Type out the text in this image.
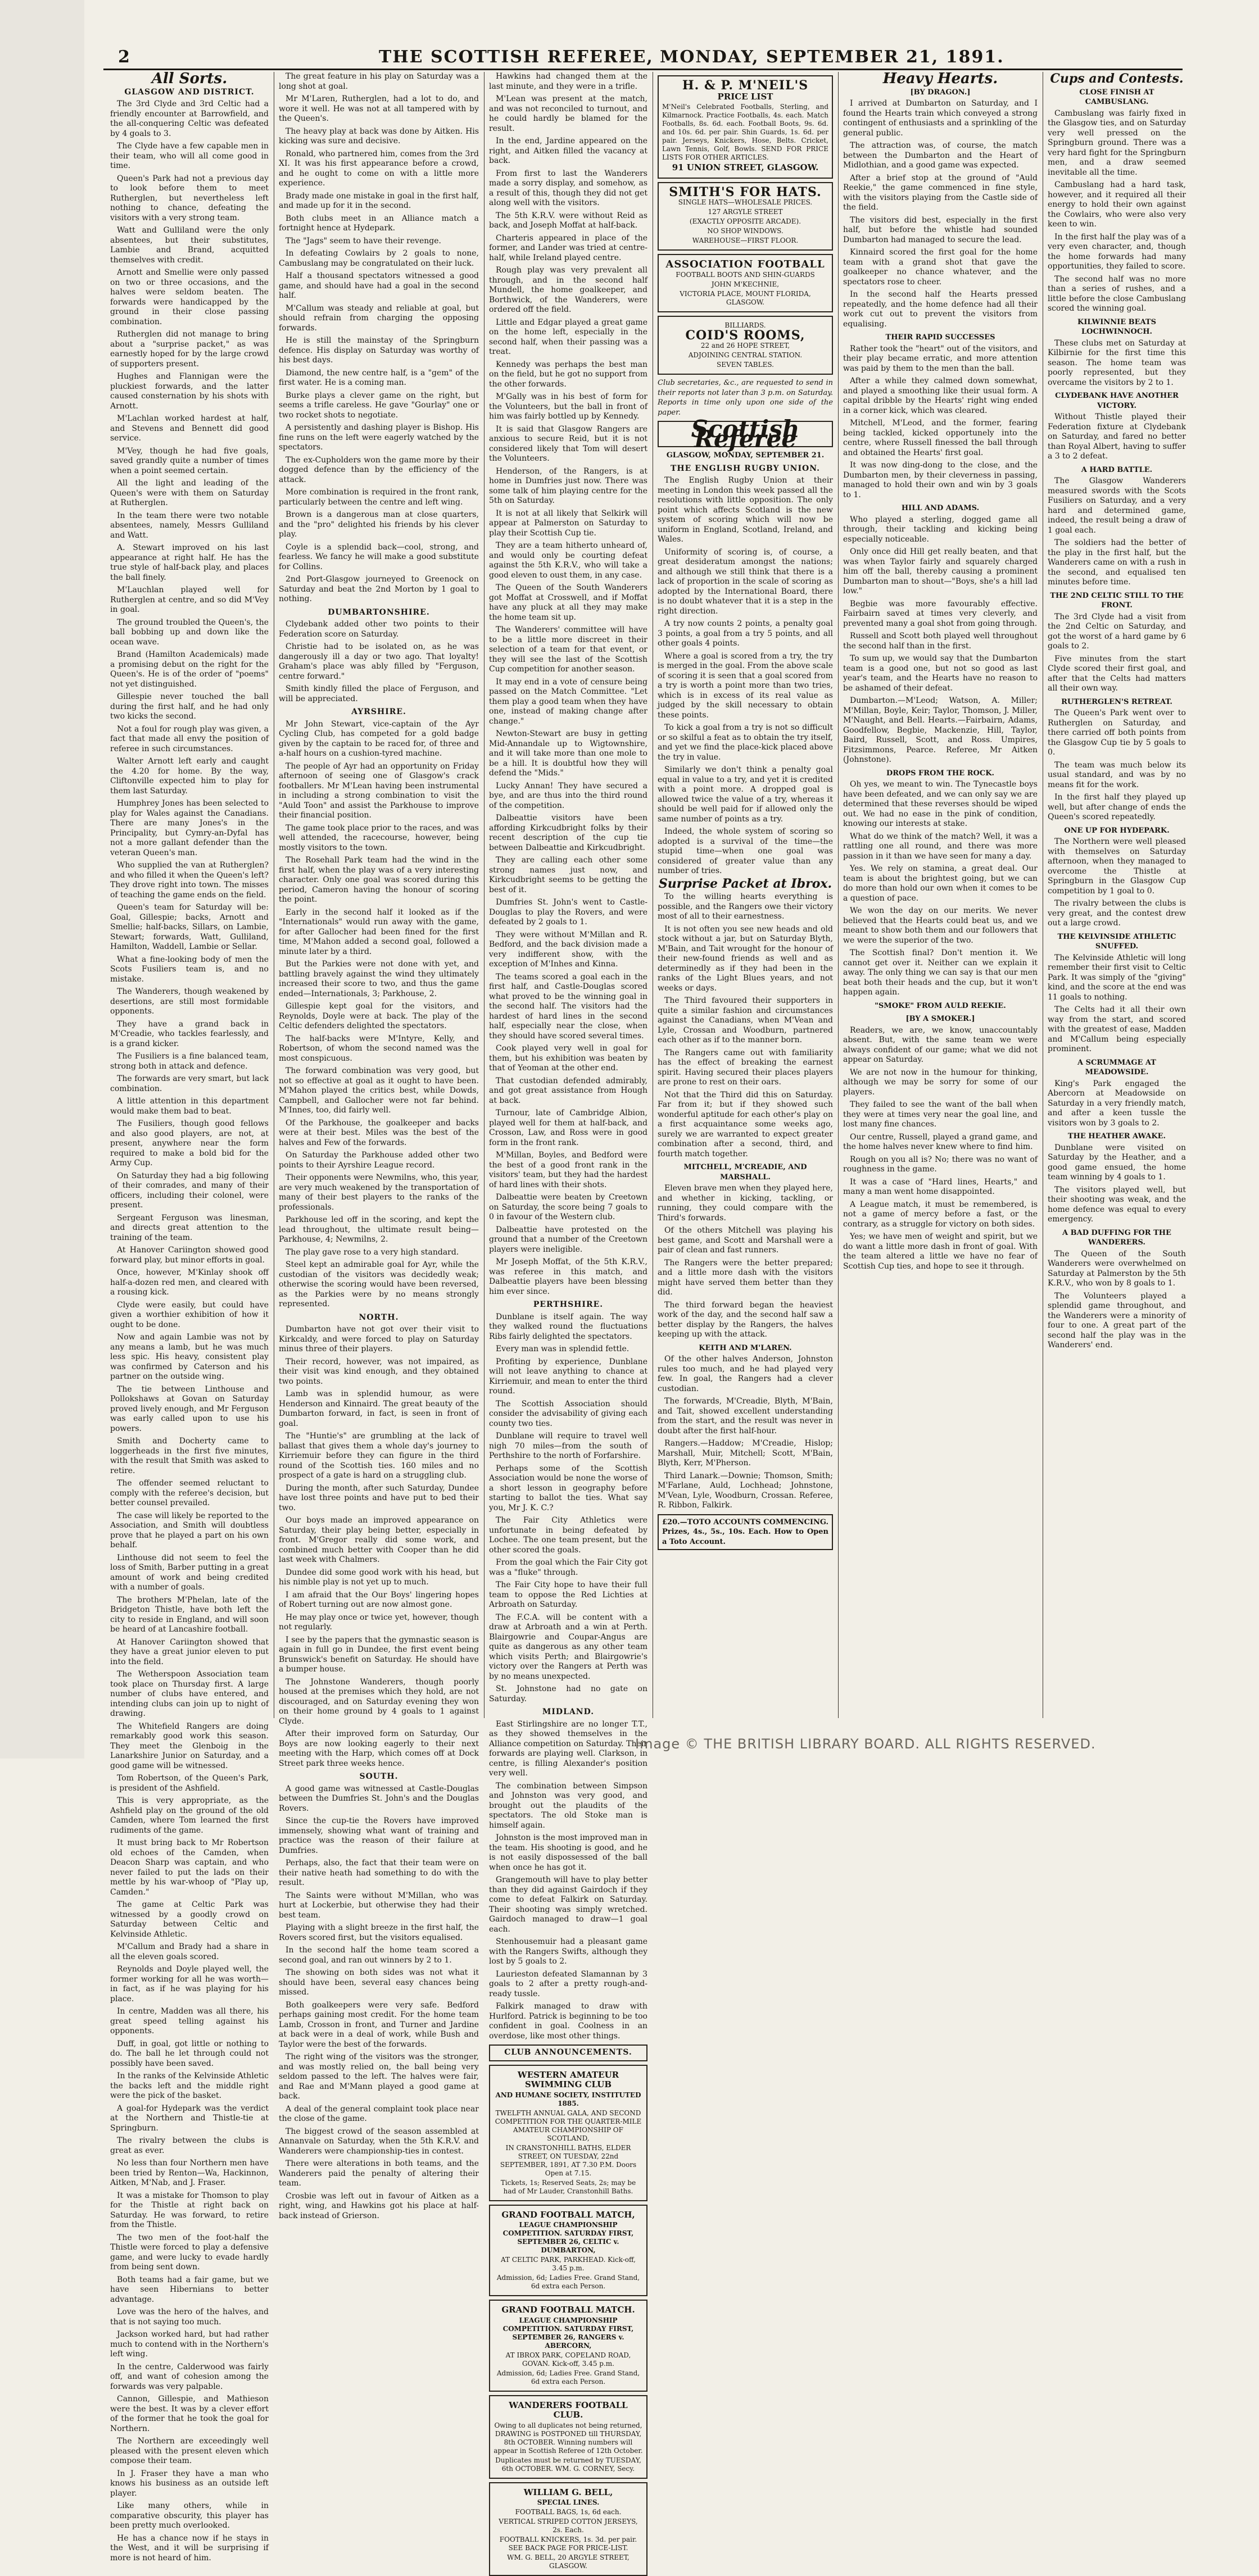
2	THE SCOTTISH REFEREE, MONDAY, SEPTEMBER 21, 1891.
All Sorts.
GLASGOW AND DISTRICT.

The 3rd Clyde and 3rd Celtic had a friendly encounter at Barrowfield, and the all-conquering Celtic was defeated by 4 goals to 3.

The Clyde have a few capable men in their team, who will all come good in time.

Queen's Park had not a previous day to look before them to meet Rutherglen, but nevertheless left nothing to chance, defeating the visitors with a very strong team.

Watt and Gulliland were the only absentees, but their substitutes, Lambie and Brand, acquitted themselves with credit.

Arnott and Smellie were only passed on two or three occasions, and the halves were seldom beaten. The forwards were handicapped by the ground in their close passing combination.

Rutherglen did not manage to bring about a "surprise packet," as was earnestly hoped for by the large crowd of supporters present.

Hughes and Flannigan were the pluckiest forwards, and the latter caused consternation by his shots with Arnott.

M'Lachlan worked hardest at half, and Stevens and Bennett did good service.

M'Vey, though he had five goals, saved grandly quite a number of times when a point seemed certain.

All the light and leading of the Queen's were with them on Saturday at Rutherglen.

In the team there were two notable absentees, namely, Messrs Gulliland and Watt.

A. Stewart improved on his last appearance at right half. He has the true style of half-back play, and places the ball finely.

M'Lauchlan played well for Rutherglen at centre, and so did M'Vey in goal.

The ground troubled the Queen's, the ball bobbing up and down like the ocean wave.

Brand (Hamilton Academicals) made a promising debut on the right for the Queen's. He is of the order of "poems" not yet distinguished.

Gillespie never touched the ball during the first half, and he had only two kicks the second.

Not a foul for rough play was given, a fact that made all envy the position of referee in such circumstances.

Walter Arnott left early and caught the 4.20 for home. By the way, Cliftonville expected him to play for them last Saturday.

Humphrey Jones has been selected to play for Wales against the Canadians. There are many Jones's in the Principality, but Cymry-an-Dyfal has not a more gallant defender than the veteran Queen's man.

Who supplied the van at Rutherglen? and who filled it when the Queen's left? They drove right into town. The misses of teaching the game ends on the field.

Queen's team for Saturday will be: Goal, Gillespie; backs, Arnott and Smellie; half-backs, Sillars, on Lambie, Stewart; forwards, Watt, Gulliland, Hamilton, Waddell, Lambie or Sellar.

What a fine-looking body of men the Scots Fusiliers team is, and no mistake.

The Wanderers, though weakened by desertions, are still most formidable opponents.

They have a grand back in M'Creadie, who tackles fearlessly, and is a grand kicker.

The Fusiliers is a fine balanced team, strong both in attack and defence.

The forwards are very smart, but lack combination.

A little attention in this department would make them bad to beat.

The Fusiliers, though good fellows and also good players, are not, at present, anywhere near the form required to make a bold bid for the Army Cup.

On Saturday they had a big following of their comrades, and many of their officers, including their colonel, were present.

Sergeant Ferguson was linesman, and directs great attention to the training of the team.

At Hanover Cariington showed good forward play, but minor efforts in goal.

Once, however, M'Kinlay shook off half-a-dozen red men, and cleared with a rousing kick.

Clyde were easily, but could have given a worthier exhibition of how it ought to be done.

Now and again Lambie was not by any means a lamb, but he was much less spic. His heavy, consistent play was confirmed by Caterson and his partner on the outside wing.

The tie between Linthouse and Pollokshaws at Govan on Saturday proved lively enough, and Mr Ferguson was early called upon to use his powers.

Smith and Docherty came to loggerheads in the first five minutes, with the result that Smith was asked to retire.

The offender seemed reluctant to comply with the referee's decision, but better counsel prevailed.

The case will likely be reported to the Association, and Smith will doubtless prove that he played a part on his own behalf.

Linthouse did not seem to feel the loss of Smith, Barber putting in a great amount of work and being credited with a number of goals.

The brothers M'Phelan, late of the Bridgeton Thistle, have both left the city to reside in England, and will soon be heard of at Lancashire football.

At Hanover Cariington showed that they have a great junior eleven to put into the field.

The Wetherspoon Association team took place on Thursday first. A large number of clubs have entered, and intending clubs can join up to night of drawing.

The Whitefield Rangers are doing remarkably good work this season. They meet the Glenboig in the Lanarkshire Junior on Saturday, and a good game will be witnessed.

Tom Robertson, of the Queen's Park, is president of the Ashfield.

This is very appropriate, as the Ashfield play on the ground of the old Camden, where Tom learned the first rudiments of the game.

It must bring back to Mr Robertson old echoes of the Camden, when Deacon Sharp was captain, and who never failed to put the lads on their mettle by his war-whoop of "Play up, Camden."

The game at Celtic Park was witnessed by a goodly crowd on Saturday between Celtic and Kelvinside Athletic.

M'Callum and Brady had a share in all the eleven goals scored.

Reynolds and Doyle played well, the former working for all he was worth—in fact, as if he was playing for his place.

In centre, Madden was all there, his great speed telling against his opponents.

Duff, in goal, got little or nothing to do. The ball he let through could not possibly have been saved.

In the ranks of the Kelvinside Athletic the backs left and the middle right were the pick of the basket.

A goal-for Hydepark was the verdict at the Northern and Thistle-tie at Springburn.

The rivalry between the clubs is great as ever.

No less than four Northern men have been tried by Renton—Wa, Hackinnon, Aitken, M'Nab, and J. Fraser.

It was a mistake for Thomson to play for the Thistle at right back on Saturday. He was forward, to retire from the Thistle.

The two men of the foot-half the Thistle were forced to play a defensive game, and were lucky to evade hardly from being sent down.

Both teams had a fair game, but we have seen Hibernians to better advantage.

Love was the hero of the halves, and that is not saying too much.

Jackson worked hard, but had rather much to contend with in the Northern's left wing.

In the centre, Calderwood was fairly off, and want of cohesion among the forwards was very palpable.

Cannon, Gillespie, and Mathieson were the best. It was by a clever effort of the former that he took the goal for Northern.

The Northern are exceedingly well pleased with the present eleven which compose their team.

In J. Fraser they have a man who knows his business as an outside left player.

Like many others, while in comparative obscurity, this player has been pretty much overlooked.

He has a chance now if he stays in the West, and it will be surprising if more is not heard of him.

The great feature in his play on Saturday was a long shot at goal.

Mr M'Laren, Rutherglen, had a lot to do, and wore it well. He was not at all tampered with by the Queen's.

The heavy play at back was done by Aitken. His kicking was sure and decisive.

Ronald, who partnered him, comes from the 3rd XI. It was his first appearance before a crowd, and he ought to come on with a little more experience.

Brady made one mistake in goal in the first half, and made up for it in the second.

Both clubs meet in an Alliance match a fortnight hence at Hydepark.

The "Jags" seem to have their revenge.

In defeating Cowlairs by 2 goals to none, Cambuslang may be congratulated on their luck.

Half a thousand spectators witnessed a good game, and should have had a goal in the second half.

M'Callum was steady and reliable at goal, but should refrain from charging the opposing forwards.

He is still the mainstay of the Springburn defence. His display on Saturday was worthy of his best days.

Diamond, the new centre half, is a "gem" of the first water. He is a coming man.

Burke plays a clever game on the right, but seems a trifle careless. He gave "Gourlay" one or two rocket shots to negotiate.

A persistently and dashing player is Bishop. His fine runs on the left were eagerly watched by the spectators.

The ex-Cupholders won the game more by their dogged defence than by the efficiency of the attack.

More combination is required in the front rank, particularly between the centre and left wing.

Brown is a dangerous man at close quarters, and the "pro" delighted his friends by his clever play.

Coyle is a splendid back—cool, strong, and fearless. We fancy he will make a good substitute for Collins.

2nd Port-Glasgow journeyed to Greenock on Saturday and beat the 2nd Morton by 1 goal to nothing.

DUMBARTONSHIRE.

Clydebank added other two points to their Federation score on Saturday.

Christie had to be isolated on, as he was dangerously ill a day or two ago. That loyalty! Graham's place was ably filled by "Ferguson, centre forward."

Smith kindly filled the place of Ferguson, and will be appreciated.

AYRSHIRE.

Mr John Stewart, vice-captain of the Ayr Cycling Club, has competed for a gold badge given by the captain to be raced for, of three and a-half hours on a cushion-tyred machine.

The people of Ayr had an opportunity on Friday afternoon of seeing one of Glasgow's crack footballers. Mr M'Lean having been instrumental in including a strong combination to visit the "Auld Toon" and assist the Parkhouse to improve their financial position.

The game took place prior to the races, and was well attended, the racecourse, however, being mostly visitors to the town.

The Rosehall Park team had the wind in the first half, when the play was of a very interesting character. Only one goal was scored during this period, Cameron having the honour of scoring the point.

Early in the second half it looked as if the "Internationals" would run away with the game, for after Gallocher had been fined for the first time, M'Mahon added a second goal, followed a minute later by a third.

But the Parkies were not done with yet, and battling bravely against the wind they ultimately increased their score to two, and thus the game ended—Internationals, 3; Parkhouse, 2.

Gillespie kept goal for the visitors, and Reynolds, Doyle were at back. The play of the Celtic defenders delighted the spectators.

The half-backs were M'Intyre, Kelly, and Robertson, of whom the second named was the most conspicuous.

The forward combination was very good, but not so effective at goal as it ought to have been. M'Mahon played the critics best, while Dowds, Campbell, and Gallocher were not far behind. M'Innes, too, did fairly well.

Of the Parkhouse, the goalkeeper and backs were at their best. Miles was the best of the halves and Few of the forwards.

On Saturday the Parkhouse added other two points to their Ayrshire League record.

Their opponents were Newmilns, who, this year, are very much weakened by the transportation of many of their best players to the ranks of the professionals.

Parkhouse led off in the scoring, and kept the lead throughout, the ultimate result being—Parkhouse, 4; Newmilns, 2.

The play gave rose to a very high standard.

Steel kept an admirable goal for Ayr, while the custodian of the visitors was decidedly weak; otherwise the scoring would have been reversed, as the Parkies were by no means strongly represented.

NORTH.

Dumbarton have not got over their visit to Kirkcaldy, and were forced to play on Saturday minus three of their players.

Their record, however, was not impaired, as their visit was kind enough, and they obtained two points.

Lamb was in splendid humour, as were Henderson and Kinnaird. The great beauty of the Dumbarton forward, in fact, is seen in front of goal.

The "Huntie's" are grumbling at the lack of ballast that gives them a whole day's journey to Kirriemuir before they can figure in the third round of the Scottish ties. 160 miles and no prospect of a gate is hard on a struggling club.

During the month, after such Saturday, Dundee have lost three points and have put to bed their two.

Our boys made an improved appearance on Saturday, their play being better, especially in front. M'Gregor really did some work, and combined much better with Cooper than he did last week with Chalmers.

Dundee did some good work with his head, but his nimble play is not yet up to much.

I am afraid that the Our Boys' lingering hopes of Robert turning out are now almost gone.

He may play once or twice yet, however, though not regularly.

I see by the papers that the gymnastic season is again in full go in Dundee, the first event being Brunswick's benefit on Saturday. He should have a bumper house.

The Johnstone Wanderers, though poorly housed at the premises which they hold, are not discouraged, and on Saturday evening they won on their home ground by 4 goals to 1 against Clyde.

After their improved form on Saturday, Our Boys are now looking eagerly to their next meeting with the Harp, which comes off at Dock Street park three weeks hence.

SOUTH.

A good game was witnessed at Castle-Douglas between the Dumfries St. John's and the Douglas Rovers.

Since the cup-tie the Rovers have improved immensely, showing what want of training and practice was the reason of their failure at Dumfries.

Perhaps, also, the fact that their team were on their native heath had something to do with the result.

The Saints were without M'Millan, who was hurt at Lockerbie, but otherwise they had their best team.

Playing with a slight breeze in the first half, the Rovers scored first, but the visitors equalised.

In the second half the home team scored a second goal, and ran out winners by 2 to 1.

The showing on both sides was not what it should have been, several easy chances being missed.

Both goalkeepers were very safe. Bedford perhaps gaining most credit. For the home team Lamb, Crosson in front, and Turner and Jardine at back were in a deal of work, while Bush and Taylor were the best of the forwards.

The right wing of the visitors was the stronger, and was mostly relied on, the ball being very seldom passed to the left. The halves were fair, and Rae and M'Mann played a good game at back.

A deal of the general complaint took place near the close of the game.

The biggest crowd of the season assembled at Annanvale on Saturday, when the 5th K.R.V. and Wanderers were championship-ties in contest.

There were alterations in both teams, and the Wanderers paid the penalty of altering their team.

Crosbie was left out in favour of Aitken as a right, wing, and Hawkins got his place at half-back instead of Grierson.

Hawkins had changed them at the last minute, and they were in a trifle.

M'Lean was present at the match, and was not reconciled to turnout, and he could hardly be blamed for the result.

In the end, Jardine appeared on the right, and Aitken filled the vacancy at back.

From first to last the Wanderers made a sorry display, and somehow, as a result of this, though they did not get along well with the visitors.

The 5th K.R.V. were without Reid as back, and Joseph Moffat at half-back.

Charteris appeared in place of the former, and Lander was tried at centre-half, while Ireland played centre.

Rough play was very prevalent all through, and in the second half Mundell, the home goalkeeper, and Borthwick, of the Wanderers, were ordered off the field.

Little and Edgar played a great game on the home left, especially in the second half, when their passing was a treat.

Kennedy was perhaps the best man on the field, but he got no support from the other forwards.

M'Gally was in his best of form for the Volunteers, but the ball in front of him was fairly bottled up by Kennedy.

It is said that Glasgow Rangers are anxious to secure Reid, but it is not considered likely that Tom will desert the Volunteers.

Henderson, of the Rangers, is at home in Dumfries just now. There was some talk of him playing centre for the 5th on Saturday.

It is not at all likely that Selkirk will appear at Palmerston on Saturday to play their Scottish Cup tie.

They are a team hitherto unheard of, and would only be courting defeat against the 5th K.R.V., who will take a good eleven to oust them, in any case.

The Queen of the South Wanderers got Moffat at Crosswell, and if Moffat have any pluck at all they may make the home team sit up.

The Wanderers' committee will have to be a little more discreet in their selection of a team for that event, or they will see the last of the Scottish Cup competition for another season.

It may end in a vote of censure being passed on the Match Committee. "Let them play a good team when they have one, instead of making change after change."

Newton-Stewart are busy in getting Mid-Annandale up to Wigtownshire, and it will take more than one mole to be a hill. It is doubtful how they will defend the "Mids."

Lucky Annan! They have secured a bye, and are thus into the third round of the competition.

Dalbeattie visitors have been affording Kirkcudbright folks by their recent description of the cup tie between Dalbeattie and Kirkcudbright.

They are calling each other some strong names just now, and Kirkcudbright seems to be getting the best of it.

Dumfries St. John's went to Castle-Douglas to play the Rovers, and were defeated by 2 goals to 1.

They were without M'Millan and R. Bedford, and the back division made a very indifferent show, with the exception of M'Inhes and Kinna.

The teams scored a goal each in the first half, and Castle-Douglas scored what proved to be the winning goal in the second half. The visitors had the hardest of hard lines in the second half, especially near the close, when they should have scored several times.

Cook played very well in goal for them, but his exhibition was beaten by that of Yeoman at the other end.

That custodian defended admirably, and got great assistance from Hough at back.

Turnour, late of Cambridge Albion, played well for them at half-back, and Crosson, Law, and Ross were in good form in the front rank.

M'Millan, Boyles, and Bedford were the best of a good front rank in the visitors' team, but they had the hardest of hard lines with their shots.

Dalbeattie were beaten by Creetown on Saturday, the score being 7 goals to 0 in favour of the Western club.

Dalbeattie have protested on the ground that a number of the Creetown players were ineligible.

Mr Joseph Moffat, of the 5th K.R.V., was referee in this match, and Dalbeattie players have been blessing him ever since.

PERTHSHIRE.

Dunblane is itself again. The way they walked round the fluctuations Ribs fairly delighted the spectators.

Every man was in splendid fettle.

Profiting by experience, Dunblane will not leave anything to chance at Kirriemuir, and mean to enter the third round.

The Scottish Association should consider the advisability of giving each county two ties.

Dunblane will require to travel well nigh 70 miles—from the south of Perthshire to the north of Forfarshire.

Perhaps some of the Scottish Association would be none the worse of a short lesson in geography before starting to ballot the ties. What say you, Mr J. K. C.?

The Fair City Athletics were unfortunate in being defeated by Lochee. The one team present, but the other scored the goals.

From the goal which the Fair City got was a "fluke" through.

The Fair City hope to have their full team to oppose the Red Lichties at Arbroath on Saturday.

The F.C.A. will be content with a draw at Arbroath and a win at Perth. Blairgowrie and Coupar-Angus are quite as dangerous as any other team which visits Perth; and Blairgowrie's victory over the Rangers at Perth was by no means unexpected.

St. Johnstone had no gate on Saturday.

MIDLAND.

East Stirlingshire are no longer T.T., as they showed themselves in the Alliance competition on Saturday. Their forwards are playing well. Clarkson, in centre, is filling Alexander's position very well.

The combination between Simpson and Johnston was very good, and brought out the plaudits of the spectators. The old Stoke man is himself again.

Johnston is the most improved man in the team. His shooting is good, and he is not easily dispossessed of the ball when once he has got it.

Grangemouth will have to play better than they did against Gairdoch if they come to defeat Falkirk on Saturday. Their shooting was simply wretched. Gairdoch managed to draw—1 goal each.

Stenhousemuir had a pleasant game with the Rangers Swifts, although they lost by 5 goals to 2.

Laurieston defeated Slamannan by 3 goals to 2 after a pretty rough-and-ready tussle.

Falkirk managed to draw with Hurlford. Patrick is beginning to be too confident in goal. Coolness in an overdose, like most other things.

CLUB ANNOUNCEMENTS.
WESTERN AMATEUR SWIMMING CLUB
AND HUMANE SOCIETY, INSTITUTED 1885.
TWELFTH ANNUAL GALA, AND SECOND COMPETITION FOR THE QUARTER-MILE AMATEUR CHAMPIONSHIP OF SCOTLAND,
IN CRANSTONHILL BATHS, ELDER STREET, ON TUESDAY, 22nd SEPTEMBER, 1891, AT 7.30 P.M. Doors Open at 7.15.
Tickets, 1s; Reserved Seats, 2s; may be had of Mr Lauder, Cranstonhill Baths.
GRAND FOOTBALL MATCH,
LEAGUE CHAMPIONSHIP COMPETITION. SATURDAY FIRST, SEPTEMBER 26, CELTIC v. DUMBARTON,
AT CELTIC PARK, PARKHEAD. Kick-off, 3.45 p.m.
Admission, 6d; Ladies Free. Grand Stand, 6d extra each Person.
GRAND FOOTBALL MATCH.
LEAGUE CHAMPIONSHIP COMPETITION. SATURDAY FIRST, SEPTEMBER 26, RANGERS v. ABERCORN,
AT IBROX PARK, COPELAND ROAD, GOVAN. Kick-off, 3.45 p.m.
Admission, 6d; Ladies Free. Grand Stand, 6d extra each Person.
WANDERERS FOOTBALL CLUB.
Owing to all duplicates not being returned, DRAWING is POSTPONED till THURSDAY, 8th OCTOBER. Winning numbers will appear in Scottish Referee of 12th October.
Duplicates must be returned by TUESDAY, 6th OCTOBER. WM. G. CORNEY, Secy.
WILLIAM G. BELL,
SPECIAL LINES.
FOOTBALL BAGS, 1s, 6d each.
VERTICAL STRIPED COTTON JERSEYS, 2s. Each.
FOOTBALL KNICKERS, 1s. 3d. per pair. SEE BACK PAGE FOR PRICE-LIST.
WM. G. BELL, 20 ARGYLE STREET, GLASGOW.
H. & P. M'NEIL'S
PRICE LIST
M'Neil's Celebrated Footballs, Sterling, and Kilmarnock. Practice Footballs, 4s. each. Match Footballs, 8s. 6d. each. Football Boots, 9s. 6d. and 10s. 6d. per pair. Shin Guards, 1s. 6d. per pair. Jerseys, Knickers, Hose, Belts. Cricket, Lawn Tennis, Golf, Bowls. SEND FOR PRICE LISTS FOR OTHER ARTICLES.
91 UNION STREET, GLASGOW.
SMITH'S FOR HATS.
SINGLE HATS—WHOLESALE PRICES.
127 ARGYLE STREET
(EXACTLY OPPOSITE ARCADE).
NO SHOP WINDOWS.
WAREHOUSE—FIRST FLOOR.
ASSOCIATION FOOTBALL
FOOTBALL BOOTS AND SHIN-GUARDS
JOHN M'KECHNIE,
VICTORIA PLACE, MOUNT FLORIDA, GLASGOW.
BILLIARDS.
COID'S ROOMS,
22 and 26 HOPE STREET,
ADJOINING CENTRAL STATION.
SEVEN TABLES.

Club secretaries, &c., are requested to send in their reports not later than 3 p.m. on Saturday. Reports in time only upon one side of the paper.

Scottish Referee
GLASGOW, MONDAY, SEPTEMBER 21.
THE ENGLISH RUGBY UNION.

The English Rugby Union at their meeting in London this week passed all the resolutions with little opposition. The only point which affects Scotland is the new system of scoring which will now be uniform in England, Scotland, Ireland, and Wales.

Uniformity of scoring is, of course, a great desideratum amongst the nations; and although we still think that there is a lack of proportion in the scale of scoring as adopted by the International Board, there is no doubt whatever that it is a step in the right direction.

A try now counts 2 points, a penalty goal 3 points, a goal from a try 5 points, and all other goals 4 points.

Where a goal is scored from a try, the try is merged in the goal. From the above scale of scoring it is seen that a goal scored from a try is worth a point more than two tries, which is in excess of its real value as judged by the skill necessary to obtain these points.

To kick a goal from a try is not so difficult or so skilful a feat as to obtain the try itself, and yet we find the place-kick placed above the try in value.

Similarly we don't think a penalty goal equal in value to a try, and yet it is credited with a point more. A dropped goal is allowed twice the value of a try, whereas it should be well paid for if allowed only the same number of points as a try.

Indeed, the whole system of scoring so adopted is a survival of the time—the stupid time—when one goal was considered of greater value than any number of tries.

Surprise Packet at Ibrox.

To the willing hearts everything is possible, and the Rangers owe their victory most of all to their earnestness.

It is not often you see new heads and old stock without a jar, but on Saturday Blyth, M'Bain, and Tait wrought for the honour of their new-found friends as well and as determinedly as if they had been in the ranks of the Light Blues years, and not weeks or days.

The Third favoured their supporters in quite a similar fashion and circumstances against the Canadians, when M'Vean and Lyle, Crossan and Woodburn, partnered each other as if to the manner born.

The Rangers came out with familiarity has the effect of breaking the earnest spirit. Having secured their places players are prone to rest on their oars.

Not that the Third did this on Saturday. Far from it; but if they showed such wonderful aptitude for each other's play on a first acquaintance some weeks ago, surely we are warranted to expect greater combination after a second, third, and fourth match together.

MITCHELL, M'CREADIE, AND MARSHALL.

Eleven brave men when they played here, and whether in kicking, tackling, or running, they could compare with the Third's forwards.

Of the others Mitchell was playing his best game, and Scott and Marshall were a pair of clean and fast runners.

The Rangers were the better prepared; and a little more dash with the visitors might have served them better than they did.

The third forward began the heaviest work of the day, and the second half saw a better display by the Rangers, the halves keeping up with the attack.

KEITH AND M'LAREN.

Of the other halves Anderson, Johnston rules too much, and he had played very few. In goal, the Rangers had a clever custodian.

The forwards, M'Creadie, Blyth, M'Bain, and Tait, showed excellent understanding from the start, and the result was never in doubt after the first half-hour.

Rangers.—Haddow; M'Creadie, Hislop; Marshall, Muir, Mitchell; Scott, M'Bain, Blyth, Kerr, M'Pherson.

Third Lanark.—Downie; Thomson, Smith; M'Farlane, Auld, Lochhead; Johnstone, M'Vean, Lyle, Woodburn, Crossan. Referee, R. Ribbon, Falkirk.

£20.—TOTO ACCOUNTS COMMENCING. Prizes, 4s., 5s., 10s. Each. How to Open a Toto Account.
Heavy Hearts.
[BY DRAGON.]

I arrived at Dumbarton on Saturday, and I found the Hearts train which conveyed a strong contingent of enthusiasts and a sprinkling of the general public.

The attraction was, of course, the match between the Dumbarton and the Heart of Midlothian, and a good game was expected.

After a brief stop at the ground of "Auld Reekie," the game commenced in fine style, with the visitors playing from the Castle side of the field.

The visitors did best, especially in the first half, but before the whistle had sounded Dumbarton had managed to secure the lead.

Kinnaird scored the first goal for the home team with a grand shot that gave the goalkeeper no chance whatever, and the spectators rose to cheer.

In the second half the Hearts pressed repeatedly, and the home defence had all their work cut out to prevent the visitors from equalising.

THEIR RAPID SUCCESSES

Rather took the "heart" out of the visitors, and their play became erratic, and more attention was paid by them to the men than the ball.

After a while they calmed down somewhat, and played a smoothing like their usual form. A capital dribble by the Hearts' right wing ended in a corner kick, which was cleared.

Mitchell, M'Leod, and the former, fearing being tackled, kicked opportunely into the centre, where Russell finessed the ball through and obtained the Hearts' first goal.

It was now ding-dong to the close, and the Dumbarton men, by their cleverness in passing, managed to hold their own and win by 3 goals to 1.

HILL AND ADAMS.

Who played a sterling, dogged game all through, their tackling and kicking being especially noticeable.

Only once did Hill get really beaten, and that was when Taylor fairly and squarely charged him off the ball, thereby causing a prominent Dumbarton man to shout—"Boys, she's a hill lad low."

Begbie was more favourably effective. Fairbairn saved at times very cleverly, and prevented many a goal shot from going through.

Russell and Scott both played well throughout the second half than in the first.

To sum up, we would say that the Dumbarton team is a good one, but not so good as last year's team, and the Hearts have no reason to be ashamed of their defeat.

Dumbarton.—M'Leod; Watson, A. Miller; M'Millan, Boyle, Keir; Taylor, Thomson, J. Miller, M'Naught, and Bell. Hearts.—Fairbairn, Adams, Goodfellow, Begbie, Mackenzie, Hill, Taylor, Baird, Russell, Scott, and Ross. Umpires, Fitzsimmons, Pearce. Referee, Mr Aitken (Johnstone).

DROPS FROM THE ROCK.

Oh yes, we meant to win. The Tynecastle boys have been defeated, and we can only say we are determined that these reverses should be wiped out. We had no ease in the pink of condition, knowing our interests at stake.

What do we think of the match? Well, it was a rattling one all round, and there was more passion in it than we have seen for many a day.

Yes. We rely on stamina, a great deal. Our team is about the brightest going, but we can do more than hold our own when it comes to be a question of pace.

We won the day on our merits. We never believed that the Hearts could beat us, and we meant to show both them and our followers that we were the superior of the two.

The Scottish final? Don't mention it. We cannot get over it. Neither can we explain it away. The only thing we can say is that our men beat both their heads and the cup, but it won't happen again.

"SMOKE" FROM AULD REEKIE.
[BY A SMOKER.]

Readers, we are, we know, unaccountably absent. But, with the same team we were always confident of our game; what we did not appear on Saturday.

We are not now in the humour for thinking, although we may be sorry for some of our players.

They failed to see the want of the ball when they were at times very near the goal line, and lost many fine chances.

Our centre, Russell, played a grand game, and the home halves never knew where to find him.

Rough on you all is? No; there was no want of roughness in the game.

It was a case of "Hard lines, Hearts," and many a man went home disappointed.

A League match, it must be remembered, is not a game of mercy before a fast, or the contrary, as a struggle for victory on both sides.

Yes; we have men of weight and spirit, but we do want a little more dash in front of goal. With the team altered a little we have no fear of Scottish Cup ties, and hope to see it through.

Cups and Contests.
CLOSE FINISH AT CAMBUSLANG.

Cambuslang was fairly fixed in the Glasgow ties, and on Saturday very well pressed on the Springburn ground. There was a very hard fight for the Springburn men, and a draw seemed inevitable all the time.

Cambuslang had a hard task, however, and it required all their energy to hold their own against the Cowlairs, who were also very keen to win.

In the first half the play was of a very even character, and, though the home forwards had many opportunities, they failed to score.

The second half was no more than a series of rushes, and a little before the close Cambuslang scored the winning goal.

KILWINNIE BEATS LOCHWINNOCH.

These clubs met on Saturday at Kilbirnie for the first time this season. The home team was poorly represented, but they overcame the visitors by 2 to 1.

CLYDEBANK HAVE ANOTHER VICTORY.

Without Thistle played their Federation fixture at Clydebank on Saturday, and fared no better than Royal Albert, having to suffer a 3 to 2 defeat.

A HARD BATTLE.

The Glasgow Wanderers measured swords with the Scots Fusiliers on Saturday, and a very hard and determined game, indeed, the result being a draw of 1 goal each.

The soldiers had the better of the play in the first half, but the Wanderers came on with a rush in the second, and equalised ten minutes before time.

THE 2ND CELTIC STILL TO THE FRONT.

The 3rd Clyde had a visit from the 2nd Celtic on Saturday, and got the worst of a hard game by 6 goals to 2.

Five minutes from the start Clyde scored their first goal, and after that the Celts had matters all their own way.

RUTHERGLEN'S RETREAT.

The Queen's Park went over to Rutherglen on Saturday, and there carried off both points from the Glasgow Cup tie by 5 goals to 0.

The team was much below its usual standard, and was by no means fit for the work.

In the first half they played up well, but after change of ends the Queen's scored repeatedly.

ONE UP FOR HYDEPARK.

The Northern were well pleased with themselves on Saturday afternoon, when they managed to overcome the Thistle at Springburn in the Glasgow Cup competition by 1 goal to 0.

The rivalry between the clubs is very great, and the contest drew out a large crowd.

THE KELVINSIDE ATHLETIC SNUFFED.

The Kelvinside Athletic will long remember their first visit to Celtic Park. It was simply of the "giving" kind, and the score at the end was 11 goals to nothing.

The Celts had it all their own way from the start, and scored with the greatest of ease, Madden and M'Callum being especially prominent.

A SCRUMMAGE AT MEADOWSIDE.

King's Park engaged the Abercorn at Meadowside on Saturday in a very friendly match, and after a keen tussle the visitors won by 3 goals to 2.

THE HEATHER AWAKE.

Dunblane were visited on Saturday by the Heather, and a good game ensued, the home team winning by 4 goals to 1.

The visitors played well, but their shooting was weak, and the home defence was equal to every emergency.

A BAD DUFFING FOR THE WANDERERS.

The Queen of the South Wanderers were overwhelmed on Saturday at Palmerston by the 5th K.R.V., who won by 8 goals to 1.

The Volunteers played a splendid game throughout, and the Wanderers were a minority of four to one. A great part of the second half the play was in the Wanderers' end.

Image © THE BRITISH LIBRARY BOARD. ALL RIGHTS RESERVED.
